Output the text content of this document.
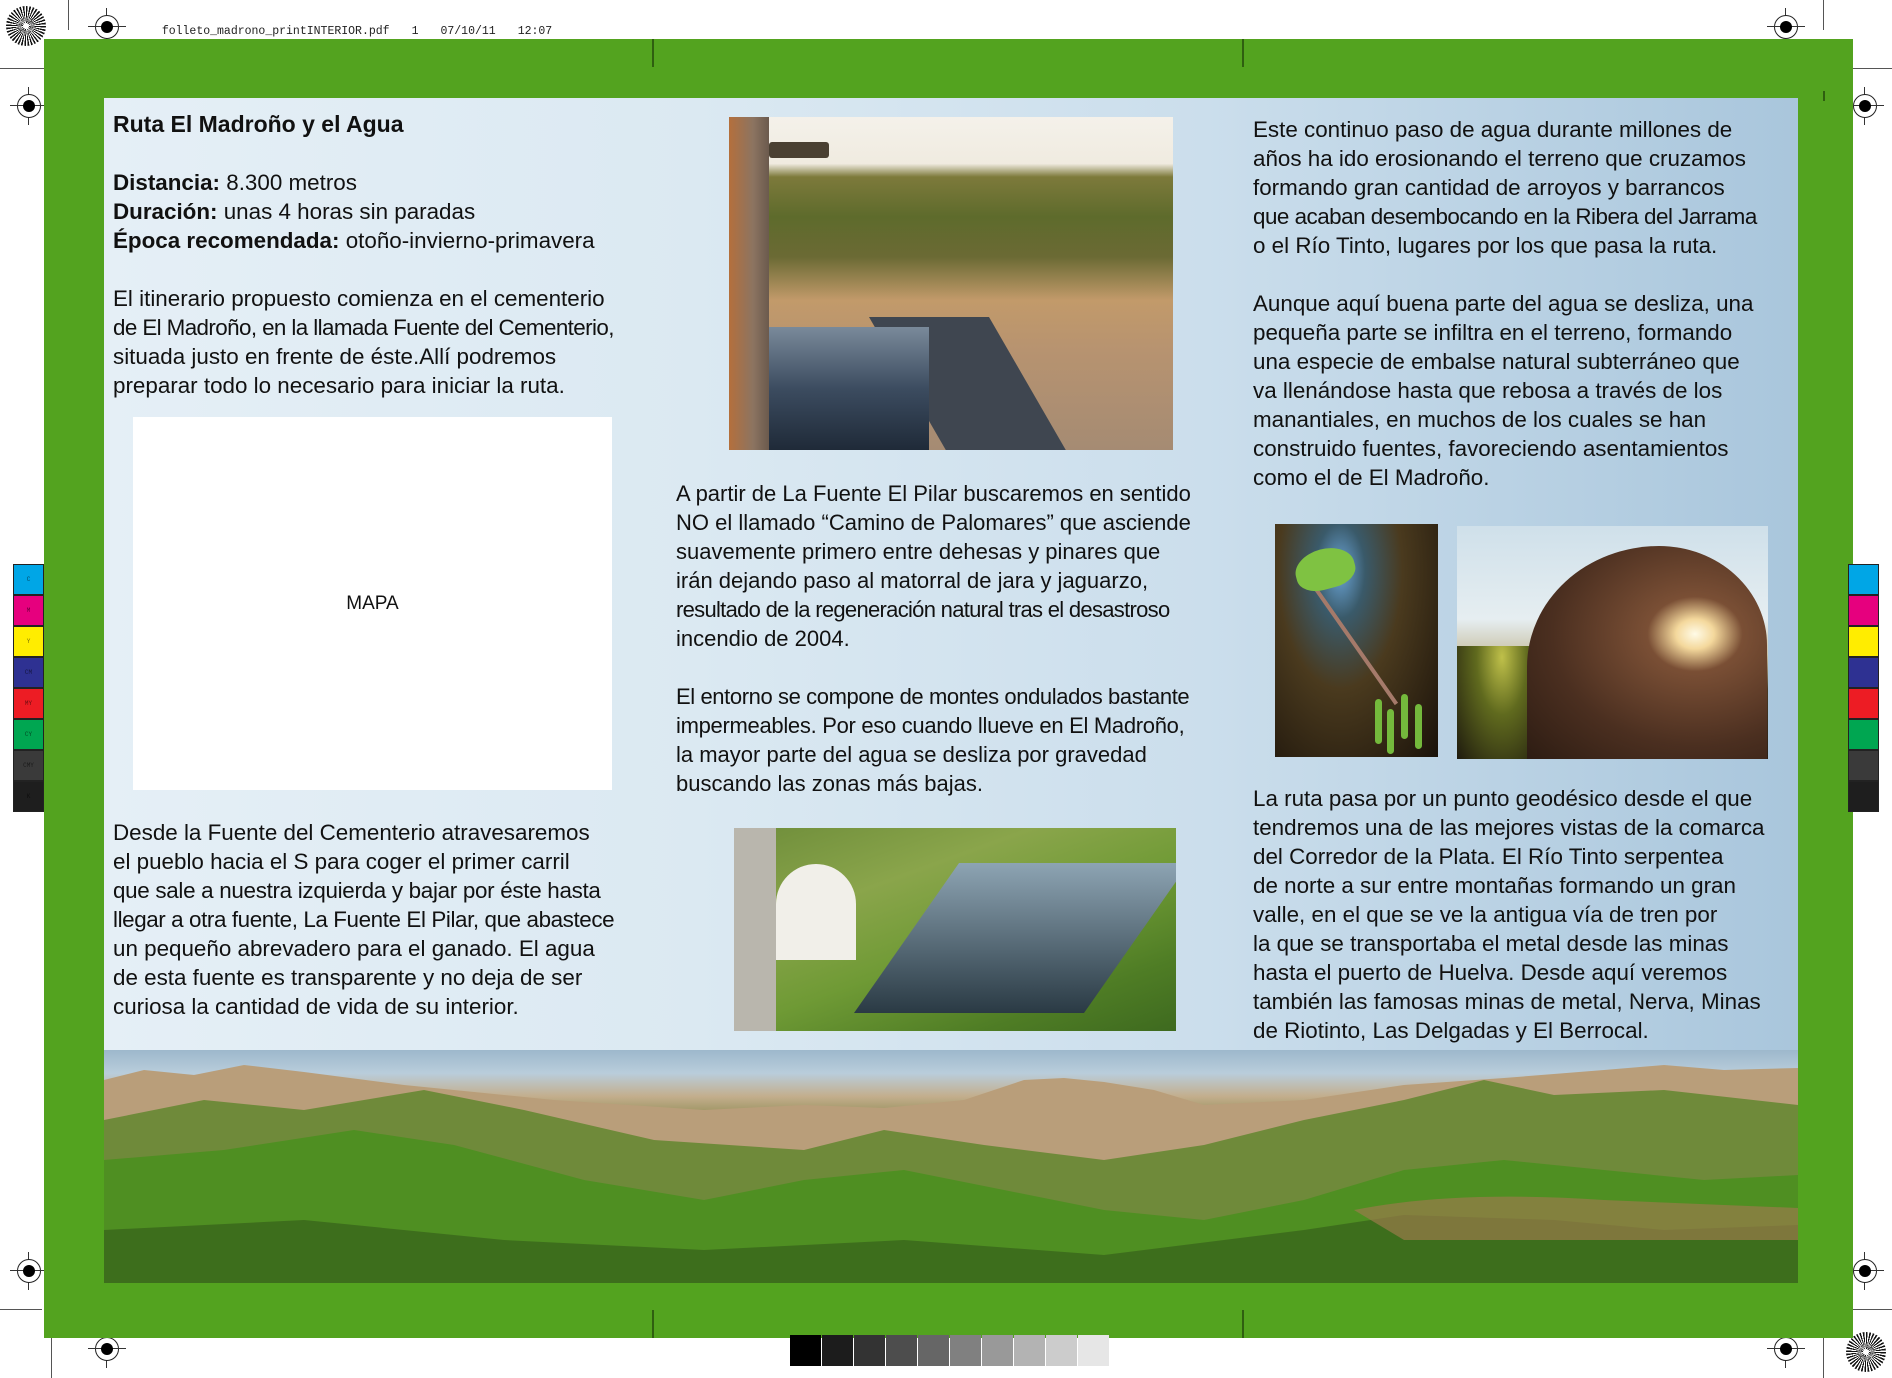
folleto_madrono_printINTERIOR.pdf 1 07/10/11 12:07

C
M
Y
CM
MY
CY
CMY
K
Ruta El Madroño y el Agua
Distancia: 8.300 metros
Duración: unas 4 horas sin paradas
Época recomendada: otoño-invierno-primavera

El itinerario propuesto comienza en el cementerio

de El Madroño, en la llamada Fuente del Cementerio,

situada justo en frente de éste.Allí podremos

preparar todo lo necesario para iniciar la ruta.

MAPA

Desde la Fuente del Cementerio atravesaremos

el pueblo hacia el S para coger el primer carril

que sale a nuestra izquierda y bajar por éste hasta

llegar a otra fuente, La Fuente El Pilar, que abastece

un pequeño abrevadero para el ganado. El agua

de esta fuente es transparente y no deja de ser

curiosa la cantidad de vida de su interior.

A partir de La Fuente El Pilar buscaremos en sentido

NO el llamado “Camino de Palomares” que asciende

suavemente primero entre dehesas y pinares que

irán dejando paso al matorral de jara y jaguarzo,

resultado de la regeneración natural tras el desastroso

incendio de 2004.

El entorno se compone de montes ondulados bastante

impermeables. Por eso cuando llueve en El Madroño,

la mayor parte del agua se desliza por gravedad

buscando las zonas más bajas.

Este continuo paso de agua durante millones de

años ha ido erosionando el terreno que cruzamos

formando gran cantidad de arroyos y barrancos

que acaban desembocando en la Ribera del Jarrama

o el Río Tinto, lugares por los que pasa la ruta.

Aunque aquí buena parte del agua se desliza, una

pequeña parte se infiltra en el terreno, formando

una especie de embalse natural subterráneo que

va llenándose hasta que rebosa a través de los

manantiales, en muchos de los cuales se han

construido fuentes, favoreciendo asentamientos

como el de El Madroño.

La ruta pasa por un punto geodésico desde el que

tendremos una de las mejores vistas de la comarca

del Corredor de la Plata. El Río Tinto serpentea

de norte a sur entre montañas formando un gran

valle, en el que se ve la antigua vía de tren por

la que se transportaba el metal desde las minas

hasta el puerto de Huelva. Desde aquí veremos

también las famosas minas de metal, Nerva, Minas

de Riotinto, Las Delgadas y El Berrocal.
